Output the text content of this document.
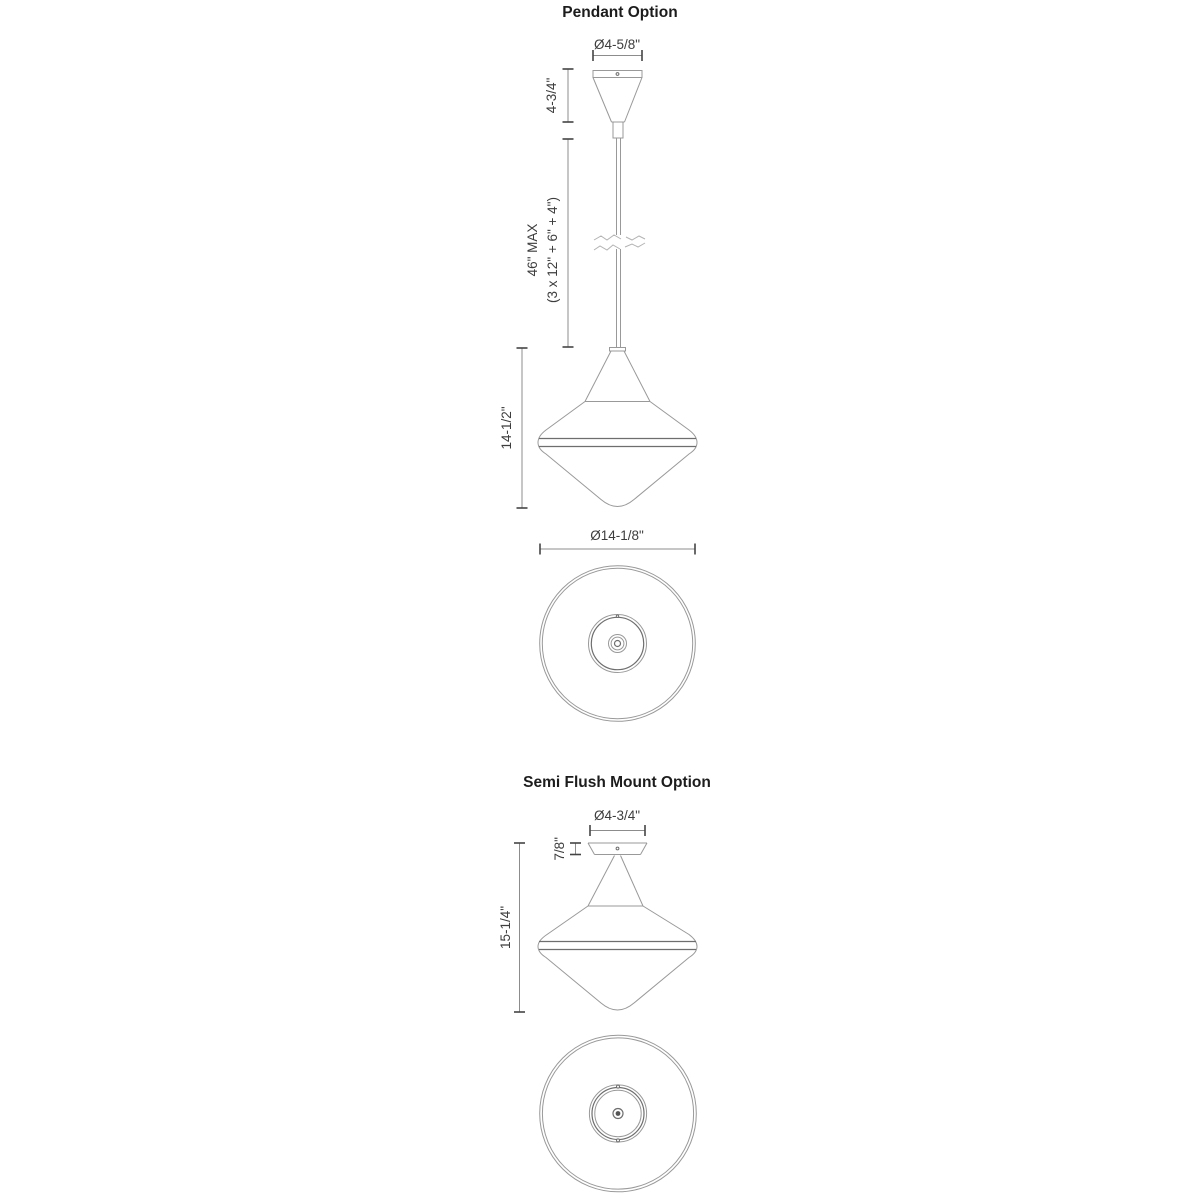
Pendant Option
Ø4-5/8"
4-3/4"
46" MAX (3 x 12" + 6" + 4")
14-1/2"
Ø14-1/8"
Semi Flush Mount Option
Ø4-3/4"
7/8"
15-1/4"
